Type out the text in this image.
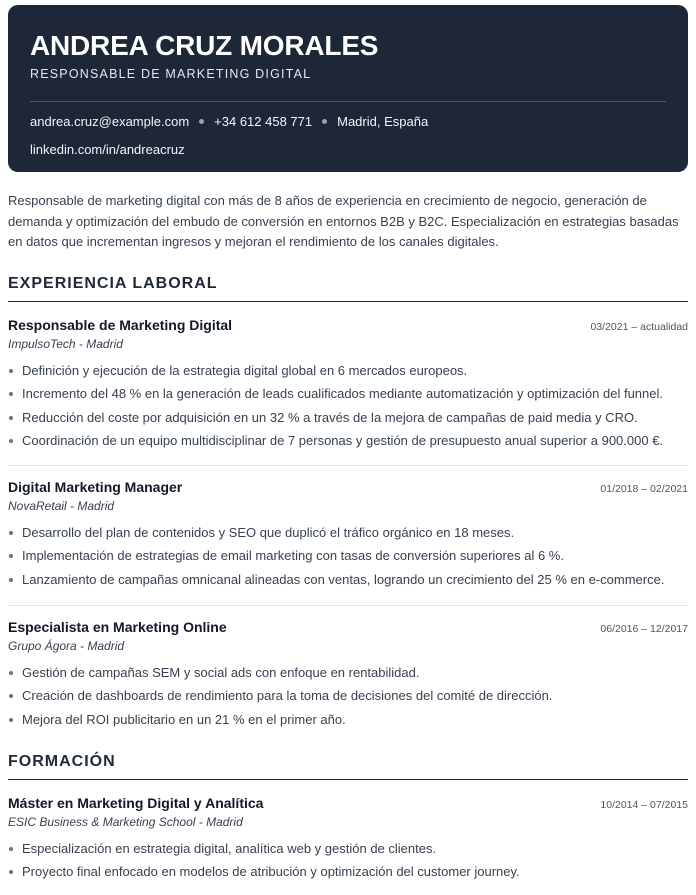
ANDREA CRUZ MORALES
RESPONSABLE DE MARKETING DIGITAL
andrea.cruz@example.com +34 612 458 771 Madrid, España
linkedin.com/in/andreacruz

Responsable de marketing digital con más de 8 años de experiencia en crecimiento de negocio, generación de demanda y optimización del embudo de conversión en entornos B2B y B2C. Especialización en estrategias basadas en datos que incrementan ingresos y mejoran el rendimiento de los canales digitales.

EXPERIENCIA LABORAL
Responsable de Marketing Digital	03/2021 – actualidad
ImpulsoTech - Madrid
Definición y ejecución de la estrategia digital global en 6 mercados europeos.
Incremento del 48 % en la generación de leads cualificados mediante automatización y optimización del funnel.
Reducción del coste por adquisición en un 32 % a través de la mejora de campañas de paid media y CRO.
Coordinación de un equipo multidisciplinar de 7 personas y gestión de presupuesto anual superior a 900.000 €.
Digital Marketing Manager	01/2018 – 02/2021
NovaRetail - Madrid
Desarrollo del plan de contenidos y SEO que duplicó el tráfico orgánico en 18 meses.
Implementación de estrategias de email marketing con tasas de conversión superiores al 6 %.
Lanzamiento de campañas omnicanal alineadas con ventas, logrando un crecimiento del 25 % en e-commerce.
Especialista en Marketing Online	06/2016 – 12/2017
Grupo Ágora - Madrid
Gestión de campañas SEM y social ads con enfoque en rentabilidad.
Creación de dashboards de rendimiento para la toma de decisiones del comité de dirección.
Mejora del ROI publicitario en un 21 % en el primer año.
FORMACIÓN
Máster en Marketing Digital y Analítica	10/2014 – 07/2015
ESIC Business & Marketing School - Madrid
Especialización en estrategia digital, analítica web y gestión de clientes.
Proyecto final enfocado en modelos de atribución y optimización del customer journey.
